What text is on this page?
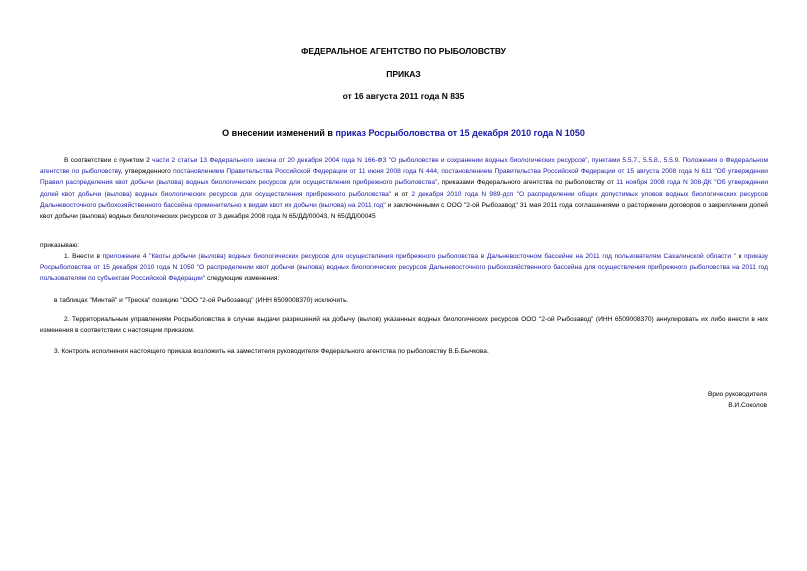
ФЕДЕРАЛЬНОЕ АГЕНТСТВО ПО РЫБОЛОВСТВУ
ПРИКАЗ
от 16 августа 2011 года N 835
О внесении изменений в приказ Росрыболовства от 15 декабря 2010 года N 1050
В соответствии с пунктом 2 части 2 статьи 13 Федерального закона от 20 декабря 2004 года N 166-ФЗ "О рыболовстве и сохранении водных биологических ресурсов", пунктами 5.5.7., 5.5.8., 5.5.9. Положения о Федеральном агентстве по рыболовству, утвержденного постановлением Правительства Российской Федерации от 11 июня 2008 года N 444, постановлением Правительства Российской Федерации от 15 августа 2008 года N 611 "Об утверждении Правил распределения квот добычи (вылова) водных биологических ресурсов для осуществления прибрежного рыболовства", приказами Федерального агентства по рыболовству от 11 ноября 2008 года N 308-ДК "Об утверждении долей квот добычи (вылова) водных биологических ресурсов для осуществления прибрежного рыболовства" и от 2 декабря 2010 года N 989-дсп "О распределении общих допустимых уловов водных биологических ресурсов Дальневосточного рыбохозяйственного бассейна применительно к видам квот их добычи (вылова) на 2011 год" и заключенными с ООО "2-ой Рыбозавод" 31 мая 2011 года соглашениями о расторжении договоров о закреплении долей квот добычи (вылова) водных биологических ресурсов от 3 декабря 2008 года N 65/ДД/00043, N 65/ДД/00045
приказываю:
1. Внести в приложение 4 "Квоты добычи (вылова) водных биологических ресурсов для осуществления прибрежного рыболовства в Дальневосточном бассейне на 2011 год пользователям Сахалинской области " к приказу Росрыболовства от 15 декабря 2010 года N 1050 "О распределении квот добычи (вылова) водных биологических ресурсов Дальневосточного рыбохозяйственного бассейна для осуществления прибрежного рыболовства на 2011 год пользователям по субъектам Российской Федерации" следующие изменения:
в таблицах "Минтай" и "Треска" позицию "ООО "2-ой Рыбозавод" (ИНН 6509008370) исключить.
2. Территориальным управлениям Росрыболовства в случае выдачи разрешений на добычу (вылов) указанных водных биологических ресурсов ООО "2-ой Рыбозавод" (ИНН 6509008370) аннулировать их либо внести в них изменения в соответствии с настоящим приказом.
3. Контроль исполнения настоящего приказа возложить на заместителя руководителя Федерального агентства по рыболовству В.Б.Бычкова.
Врио руководителя
В.И.Соколов
